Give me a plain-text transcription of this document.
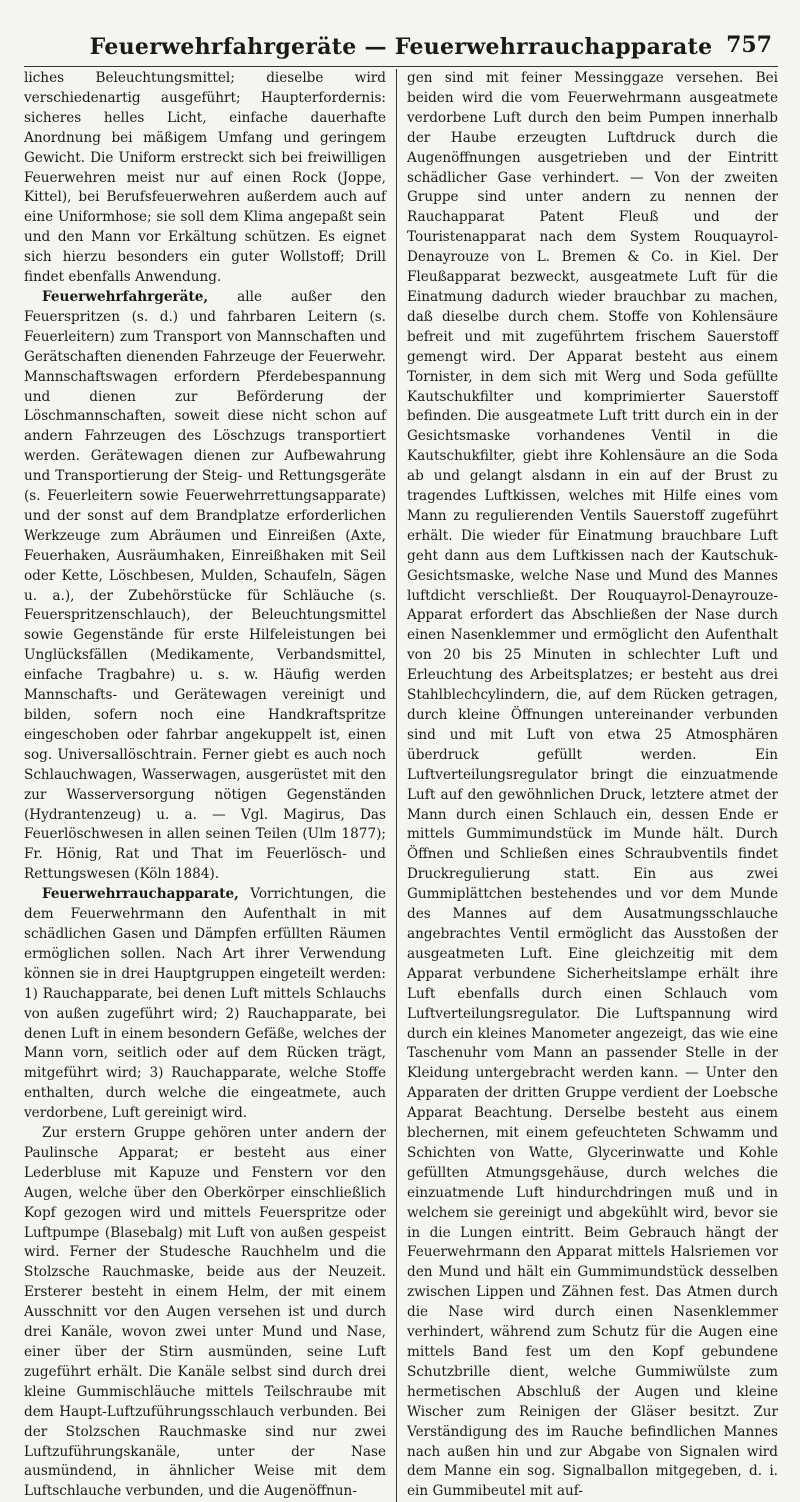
Feuerwehrfahrgeräte — Feuerwehrrauchapparate 757

liches Beleuchtungsmittel; dieselbe wird verschiedenartig ausgeführt; Haupterfordernis: sicheres helles Licht, einfache dauerhafte Anordnung bei mäßigem Umfang und geringem Gewicht. Die Uniform erstreckt sich bei freiwilligen Feuerwehren meist nur auf einen Rock (Joppe, Kittel), bei Berufsfeuerwehren außerdem auch auf eine Uniformhose; sie soll dem Klima angepaßt sein und den Mann vor Erkältung schützen. Es eignet sich hierzu besonders ein guter Wollstoff; Drill findet ebenfalls Anwendung.

Feuerwehrfahrgeräte, alle außer den Feuerspritzen (s. d.) und fahrbaren Leitern (s. Feuerleitern) zum Transport von Mannschaften und Gerätschaften dienenden Fahrzeuge der Feuerwehr. Mannschaftswagen erfordern Pferdebespannung und dienen zur Beförderung der Löschmannschaften, soweit diese nicht schon auf andern Fahrzeugen des Löschzugs transportiert werden. Gerätewagen dienen zur Aufbewahrung und Transportierung der Steig- und Rettungsgeräte (s. Feuerleitern sowie Feuerwehrrettungsapparate) und der sonst auf dem Brandplatze erforderlichen Werkzeuge zum Abräumen und Einreißen (Axte, Feuerhaken, Ausräumhaken, Einreißhaken mit Seil oder Kette, Löschbesen, Mulden, Schaufeln, Sägen u. a.), der Zubehörstücke für Schläuche (s. Feuerspritzenschlauch), der Beleuchtungsmittel sowie Gegenstände für erste Hilfeleistungen bei Unglücksfällen (Medikamente, Verbandsmittel, einfache Tragbahre) u. s. w. Häufig werden Mannschafts- und Gerätewagen vereinigt und bilden, sofern noch eine Handkraftspritze eingeschoben oder fahrbar angekuppelt ist, einen sog. Universallöschtrain. Ferner giebt es auch noch Schlauchwagen, Wasserwagen, ausgerüstet mit den zur Wasserversorgung nötigen Gegenständen (Hydrantenzeug) u. a. — Vgl. Magirus, Das Feuerlöschwesen in allen seinen Teilen (Ulm 1877); Fr. Hönig, Rat und That im Feuerlösch- und Rettungswesen (Köln 1884).

Feuerwehrrauchapparate, Vorrichtungen, die dem Feuerwehrmann den Aufenthalt in mit schädlichen Gasen und Dämpfen erfüllten Räumen ermöglichen sollen. Nach Art ihrer Verwendung können sie in drei Hauptgruppen eingeteilt werden: 1) Rauchapparate, bei denen Luft mittels Schlauchs von außen zugeführt wird; 2) Rauchapparate, bei denen Luft in einem besondern Gefäße, welches der Mann vorn, seitlich oder auf dem Rücken trägt, mitgeführt wird; 3) Rauchapparate, welche Stoffe enthalten, durch welche die eingeatmete, auch verdorbene, Luft gereinigt wird.

Zur erstern Gruppe gehören unter andern der Paulinsche Apparat; er besteht aus einer Lederbluse mit Kapuze und Fenstern vor den Augen, welche über den Oberkörper einschließlich Kopf gezogen wird und mittels Feuerspritze oder Luftpumpe (Blasebalg) mit Luft von außen gespeist wird. Ferner der Studesche Rauchhelm und die Stolzsche Rauchmaske, beide aus der Neuzeit. Ersterer besteht in einem Helm, der mit einem Ausschnitt vor den Augen versehen ist und durch drei Kanäle, wovon zwei unter Mund und Nase, einer über der Stirn ausmünden, seine Luft zugeführt erhält. Die Kanäle selbst sind durch drei kleine Gummischläuche mittels Teilschraube mit dem Haupt-Luftzuführungsschlauch verbunden. Bei der Stolzschen Rauchmaske sind nur zwei Luftzuführungskanäle, unter der Nase ausmündend, in ähnlicher Weise mit dem Luftschlauche verbunden, und die Augenöffnun-

gen sind mit feiner Messinggaze versehen. Bei beiden wird die vom Feuerwehrmann ausgeatmete verdorbene Luft durch den beim Pumpen innerhalb der Haube erzeugten Luftdruck durch die Augenöffnungen ausgetrieben und der Eintritt schädlicher Gase verhindert. — Von der zweiten Gruppe sind unter andern zu nennen der Rauchapparat Patent Fleuß und der Touristenapparat nach dem System Rouquayrol-Denayrouze von L. Bremen & Co. in Kiel. Der Fleußapparat bezweckt, ausgeatmete Luft für die Einatmung dadurch wieder brauchbar zu machen, daß dieselbe durch chem. Stoffe von Kohlensäure befreit und mit zugeführtem frischem Sauerstoff gemengt wird. Der Apparat besteht aus einem Tornister, in dem sich mit Werg und Soda gefüllte Kautschukfilter und komprimierter Sauerstoff befinden. Die ausgeatmete Luft tritt durch ein in der Gesichtsmaske vorhandenes Ventil in die Kautschukfilter, giebt ihre Kohlensäure an die Soda ab und gelangt alsdann in ein auf der Brust zu tragendes Luftkissen, welches mit Hilfe eines vom Mann zu regulierenden Ventils Sauerstoff zugeführt erhält. Die wieder für Einatmung brauchbare Luft geht dann aus dem Luftkissen nach der Kautschuk-Gesichtsmaske, welche Nase und Mund des Mannes luftdicht verschließt. Der Rouquayrol-Denayrouze-Apparat erfordert das Abschließen der Nase durch einen Nasenklemmer und ermöglicht den Aufenthalt von 20 bis 25 Minuten in schlechter Luft und Erleuchtung des Arbeitsplatzes; er besteht aus drei Stahlblechcylindern, die, auf dem Rücken getragen, durch kleine Öffnungen untereinander verbunden sind und mit Luft von etwa 25 Atmosphären überdruck gefüllt werden. Ein Luftverteilungsregulator bringt die einzuatmende Luft auf den gewöhnlichen Druck, letztere atmet der Mann durch einen Schlauch ein, dessen Ende er mittels Gummimundstück im Munde hält. Durch Öffnen und Schließen eines Schraubventils findet Druckregulierung statt. Ein aus zwei Gummiplättchen bestehendes und vor dem Munde des Mannes auf dem Ausatmungsschlauche angebrachtes Ventil ermöglicht das Ausstoßen der ausgeatmeten Luft. Eine gleichzeitig mit dem Apparat verbundene Sicherheitslampe erhält ihre Luft ebenfalls durch einen Schlauch vom Luftverteilungsregulator. Die Luftspannung wird durch ein kleines Manometer angezeigt, das wie eine Taschenuhr vom Mann an passender Stelle in der Kleidung untergebracht werden kann. — Unter den Apparaten der dritten Gruppe verdient der Loebsche Apparat Beachtung. Derselbe besteht aus einem blechernen, mit einem gefeuchteten Schwamm und Schichten von Watte, Glycerinwatte und Kohle gefüllten Atmungsgehäuse, durch welches die einzuatmende Luft hindurchdringen muß und in welchem sie gereinigt und abgekühlt wird, bevor sie in die Lungen eintritt. Beim Gebrauch hängt der Feuerwehrmann den Apparat mittels Halsriemen vor den Mund und hält ein Gummimundstück desselben zwischen Lippen und Zähnen fest. Das Atmen durch die Nase wird durch einen Nasenklemmer verhindert, während zum Schutz für die Augen eine mittels Band fest um den Kopf gebundene Schutzbrille dient, welche Gummiwülste zum hermetischen Abschluß der Augen und kleine Wischer zum Reinigen der Gläser besitzt. Zur Verständigung des im Rauche befindlichen Mannes nach außen hin und zur Abgabe von Signalen wird dem Manne ein sog. Signalballon mitgegeben, d. i. ein Gummibeutel mit auf-
